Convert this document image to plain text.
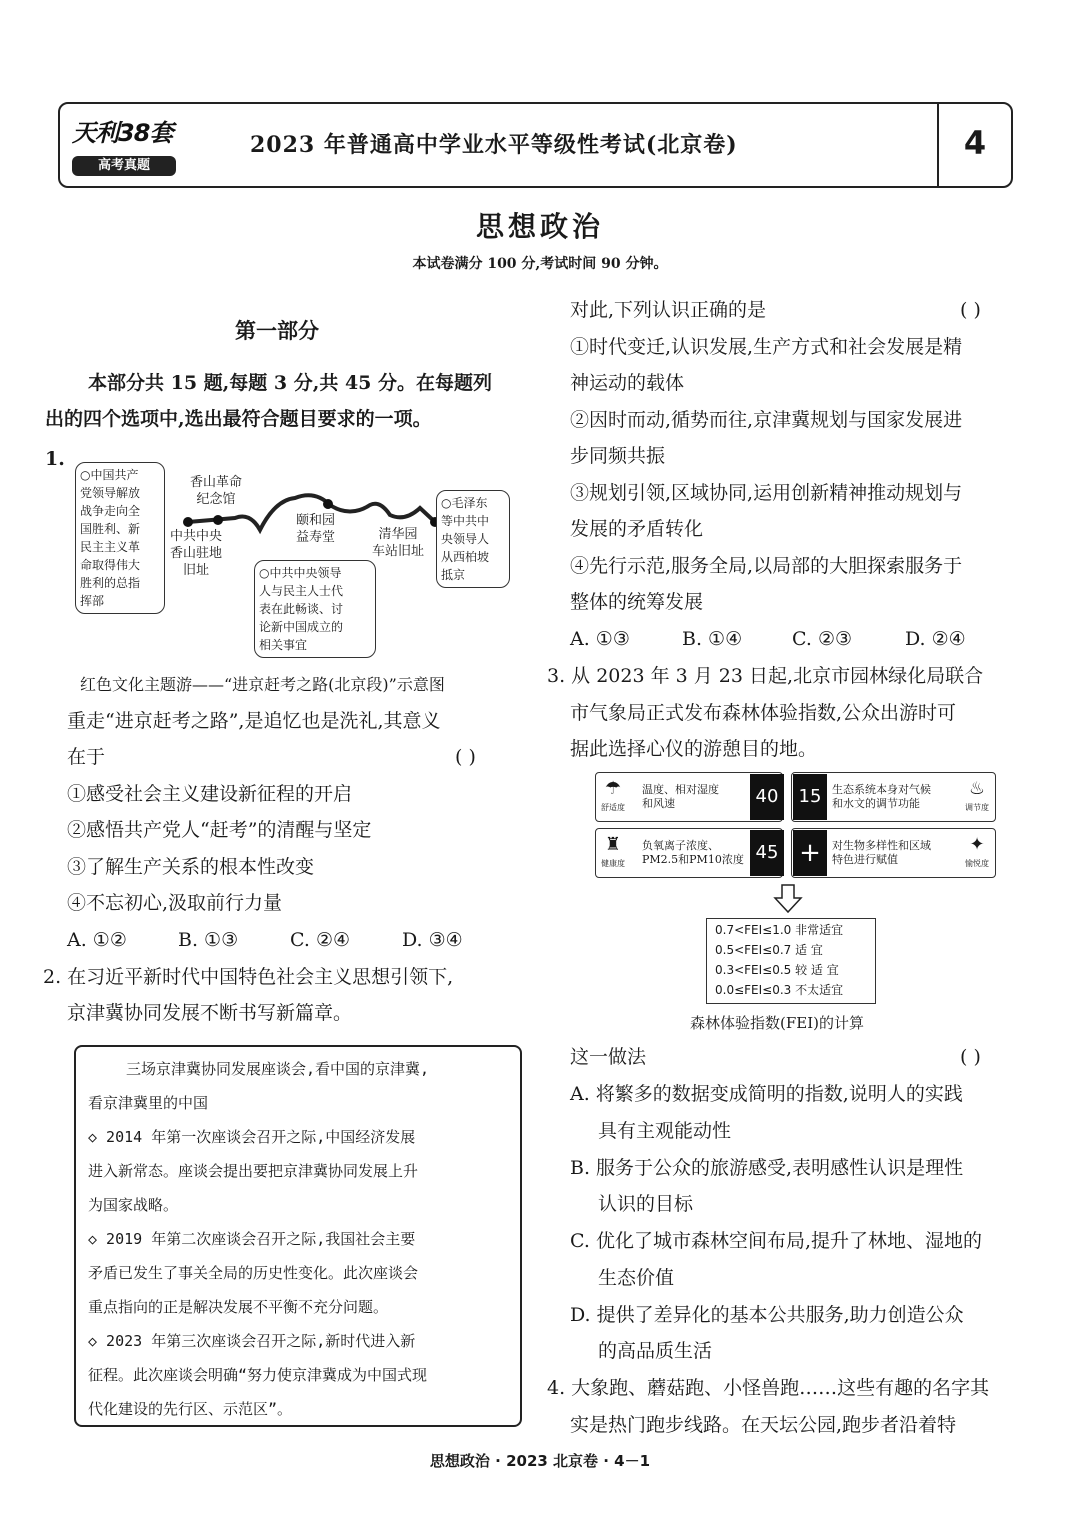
天利38套
高考真题
2023 年普通高中学业水平等级性考试(北京卷)	4
思想政治
本试卷满分 100 分,考试时间 90 分钟。
第一部分
本部分共 15 题,每题 3 分,共 45 分。在每题列
出的四个选项中,选出最符合题目要求的一项。
1.
○中国共产
党领导解放
战争走向全
国胜利、新
民主主义革
命取得伟大
胜利的总指
挥部
○中共中央领导
人与民主人士代
表在此畅谈、讨
论新中国成立的
相关事宜
○毛泽东
等中共中
央领导人
从西柏坡
抵京
中共中央
香山驻地
旧址
香山革命
纪念馆
颐和园
益寿堂	清华园
车站旧址
红色文化主题游——“进京赶考之路(北京段)”示意图
重走“进京赶考之路”,是追忆也是洗礼,其意义
在于	( )
①感受社会主义建设新征程的开启
②感悟共产党人“赶考”的清醒与坚定
③了解生产关系的根本性改变
④不忘初心,汲取前行力量
A. ①②	B. ①③	C. ②④	D. ③④
2. 在习近平新时代中国特色社会主义思想引领下,
京津冀协同发展不断书写新篇章。
三场京津冀协同发展座谈会,看中国的京津冀,
看京津冀里的中国
◇ 2014 年第一次座谈会召开之际,中国经济发展
进入新常态。座谈会提出要把京津冀协同发展上升
为国家战略。
◇ 2019 年第二次座谈会召开之际,我国社会主要
矛盾已发生了事关全局的历史性变化。此次座谈会
重点指向的正是解决发展不平衡不充分问题。
◇ 2023 年第三次座谈会召开之际,新时代进入新
征程。此次座谈会明确“努力使京津冀成为中国式现
代化建设的先行区、示范区”。
对此,下列认识正确的是	( )
①时代变迁,认识发展,生产方式和社会发展是精
神运动的载体
②因时而动,循势而往,京津冀规划与国家发展进
步同频共振
③规划引领,区域协同,运用创新精神推动规划与
发展的矛盾转化
④先行示范,服务全局,以局部的大胆探索服务于
整体的统筹发展
A. ①③	B. ①④	C. ②③	D. ②④
3. 从 2023 年 3 月 23 日起,北京市园林绿化局联合
市气象局正式发布森林体验指数,公众出游时可
据此选择心仪的游憩目的地。
☂
舒适度
温度、相对湿度
和风速	40	15 生态系统本身对气候
和水文的调节功能
♨
调节度
♜
健康度
负氧离子浓度、
PM2.5和PM10浓度 45 +	对生物多样性和区域
特色进行赋值
✦
愉悦度
0.7<FEI≤1.0 非常适宜
0.5<FEI≤0.7 适 宜
0.3<FEI≤0.5 较 适 宜
0.0≤FEI≤0.3 不太适宜
森林体验指数(FEI)的计算
这一做法	( )
A. 将繁多的数据变成简明的指数,说明人的实践
具有主观能动性
B. 服务于公众的旅游感受,表明感性认识是理性
认识的目标
C. 优化了城市森林空间布局,提升了林地、湿地的
生态价值
D. 提供了差异化的基本公共服务,助力创造公众
的高品质生活
4. 大象跑、蘑菇跑、小怪兽跑……这些有趣的名字其
实是热门跑步线路。在天坛公园,跑步者沿着特
思想政治 · 2023 北京卷 · 4－1
